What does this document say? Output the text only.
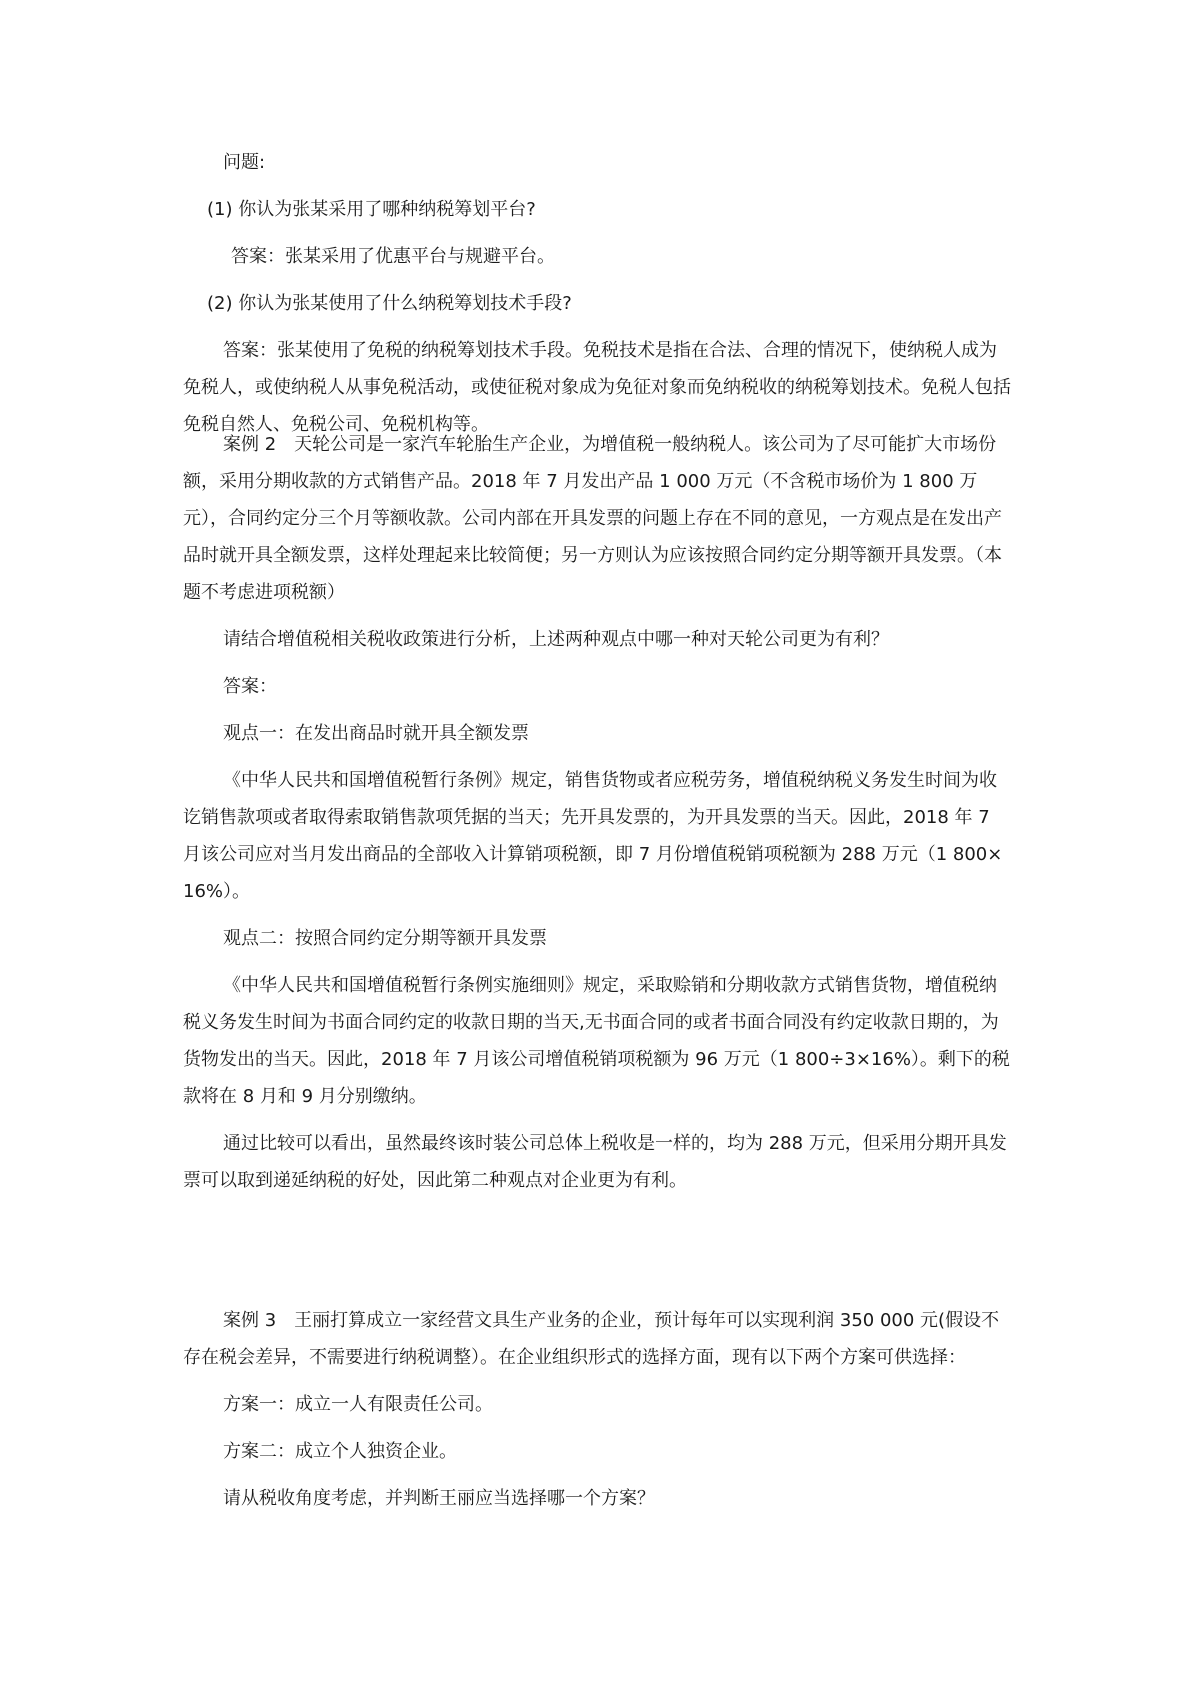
问题:

(1) 你认为张某采用了哪种纳税筹划平台?

答案：张某采用了优惠平台与规避平台。

(2) 你认为张某使用了什么纳税筹划技术手段?

答案：张某使用了免税的纳税筹划技术手段。免税技术是指在合法、合理的情况下，使纳税人成为免税人，或使纳税人从事免税活动，或使征税对象成为免征对象而免纳税收的纳税筹划技术。免税人包括免税自然人、免税公司、免税机构等。

案例 2　天轮公司是一家汽车轮胎生产企业，为增值税一般纳税人。该公司为了尽可能扩大市场份额，采用分期收款的方式销售产品。2018 年 7 月发出产品 1 000 万元（不含税市场价为 1 800 万元），合同约定分三个月等额收款。公司内部在开具发票的问题上存在不同的意见，一方观点是在发出产品时就开具全额发票，这样处理起来比较简便；另一方则认为应该按照合同约定分期等额开具发票。（本题不考虑进项税额）

请结合增值税相关税收政策进行分析，上述两种观点中哪一种对天轮公司更为有利？

答案：

观点一：在发出商品时就开具全额发票

《中华人民共和国增值税暂行条例》规定，销售货物或者应税劳务，增值税纳税义务发生时间为收讫销售款项或者取得索取销售款项凭据的当天；先开具发票的，为开具发票的当天。因此，2018 年 7 月该公司应对当月发出商品的全部收入计算销项税额，即 7 月份增值税销项税额为 288 万元（1 800×16%）。

观点二：按照合同约定分期等额开具发票

《中华人民共和国增值税暂行条例实施细则》规定，采取赊销和分期收款方式销售货物，增值税纳税义务发生时间为书面合同约定的收款日期的当天,无书面合同的或者书面合同没有约定收款日期的，为货物发出的当天。因此，2018 年 7 月该公司增值税销项税额为 96 万元（1 800÷3×16%）。剩下的税款将在 8 月和 9 月分别缴纳。

通过比较可以看出，虽然最终该时装公司总体上税收是一样的，均为 288 万元，但采用分期开具发票可以取到递延纳税的好处，因此第二种观点对企业更为有利。

案例 3　王丽打算成立一家经营文具生产业务的企业，预计每年可以实现利润 350 000 元(假设不存在税会差异，不需要进行纳税调整）。在企业组织形式的选择方面，现有以下两个方案可供选择：

方案一：成立一人有限责任公司。

方案二：成立个人独资企业。

请从税收角度考虑，并判断王丽应当选择哪一个方案？
